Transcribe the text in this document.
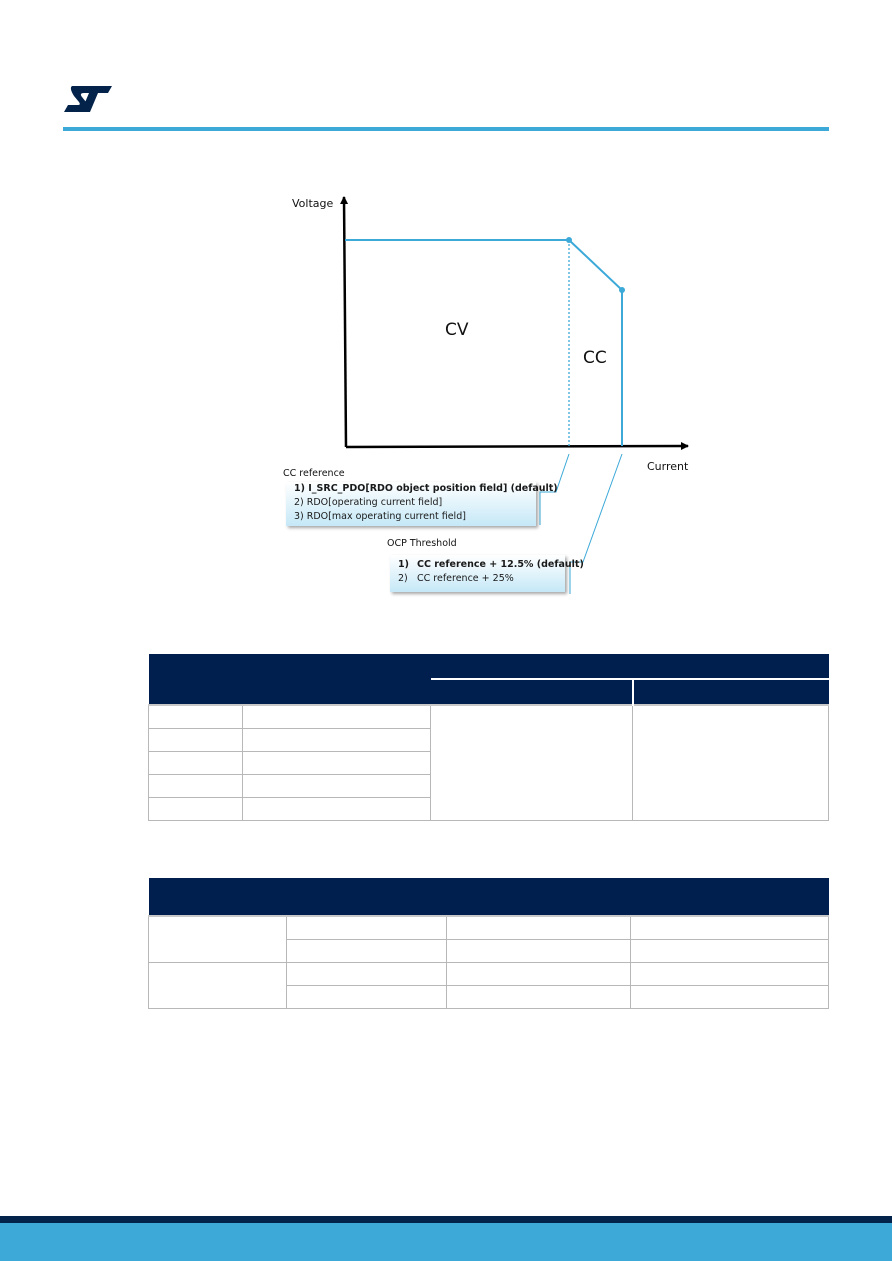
Voltage
Current
CV
CC
CC reference
1) I_SRC_PDO[RDO object position field] (default)
2) RDO[operating current field]
3) RDO[max operating current field]
OCP Threshold
1) CC reference + 12.5% (default)
2) CC reference + 25%
